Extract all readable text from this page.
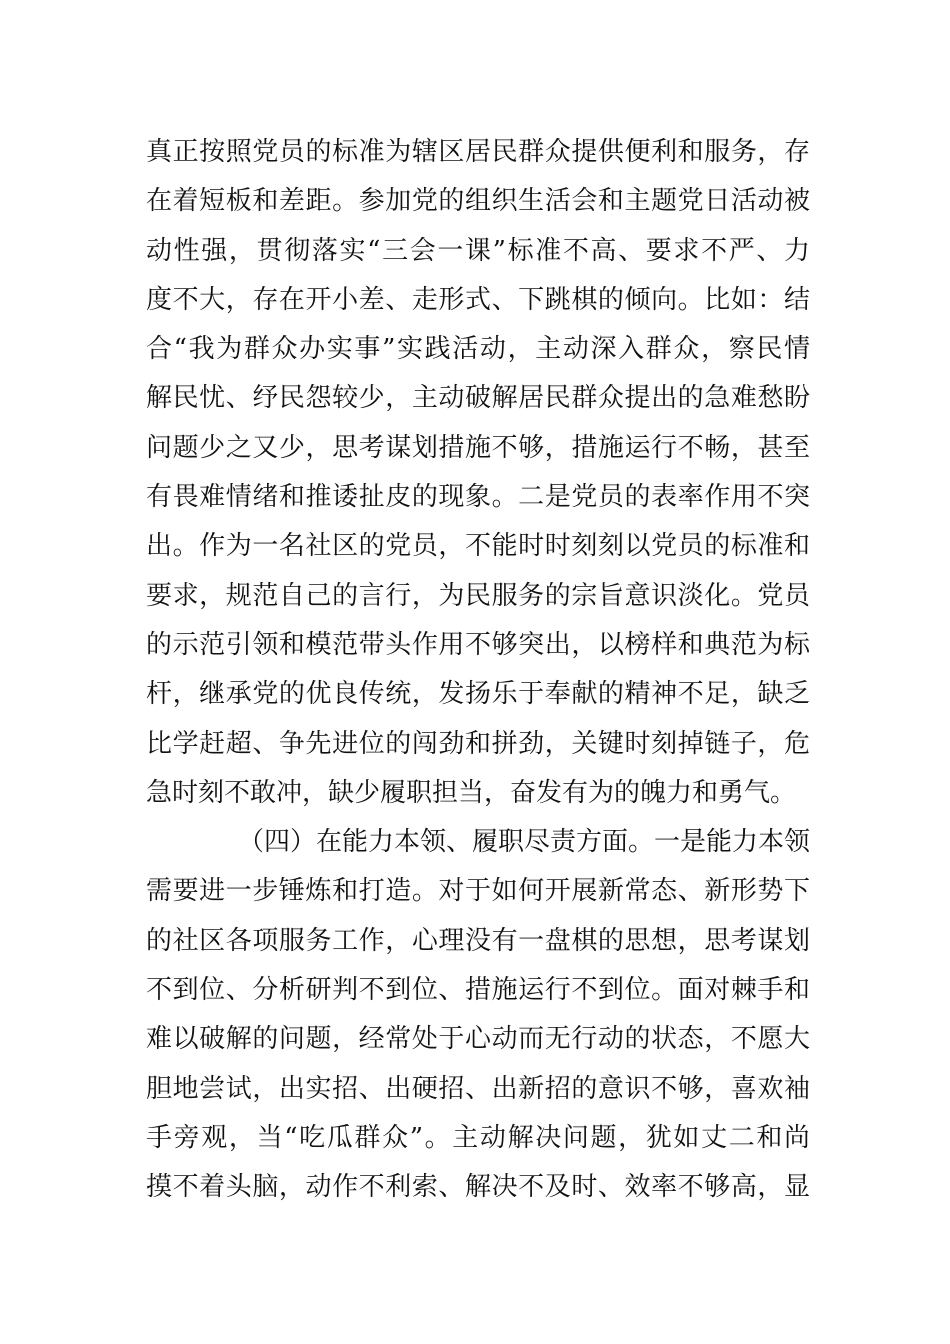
真正按照党员的标准为辖区居民群众提供便利和服务，存
在着短板和差距。参加党的组织生活会和主题党日活动被
动性强，贯彻落实“三会一课”标准不高、要求不严、力
度不大，存在开小差、走形式、下跳棋的倾向。比如：结
合“我为群众办实事”实践活动，主动深入群众，察民情
解民忧、纾民怨较少，主动破解居民群众提出的急难愁盼
问题少之又少，思考谋划措施不够，措施运行不畅，甚至
有畏难情绪和推诿扯皮的现象。二是党员的表率作用不突
出。作为一名社区的党员，不能时时刻刻以党员的标准和
要求，规范自己的言行，为民服务的宗旨意识淡化。党员
的示范引领和模范带头作用不够突出，以榜样和典范为标
杆，继承党的优良传统，发扬乐于奉献的精神不足，缺乏
比学赶超、争先进位的闯劲和拼劲，关键时刻掉链子，危
急时刻不敢冲，缺少履职担当，奋发有为的魄力和勇气。
（四）在能力本领、履职尽责方面。一是能力本领
需要进一步锤炼和打造。对于如何开展新常态、新形势下
的社区各项服务工作，心理没有一盘棋的思想，思考谋划
不到位、分析研判不到位、措施运行不到位。面对棘手和
难以破解的问题，经常处于心动而无行动的状态，不愿大
胆地尝试，出实招、出硬招、出新招的意识不够，喜欢袖
手旁观，当“吃瓜群众”。主动解决问题，犹如丈二和尚
摸不着头脑，动作不利索、解决不及时、效率不够高，显
